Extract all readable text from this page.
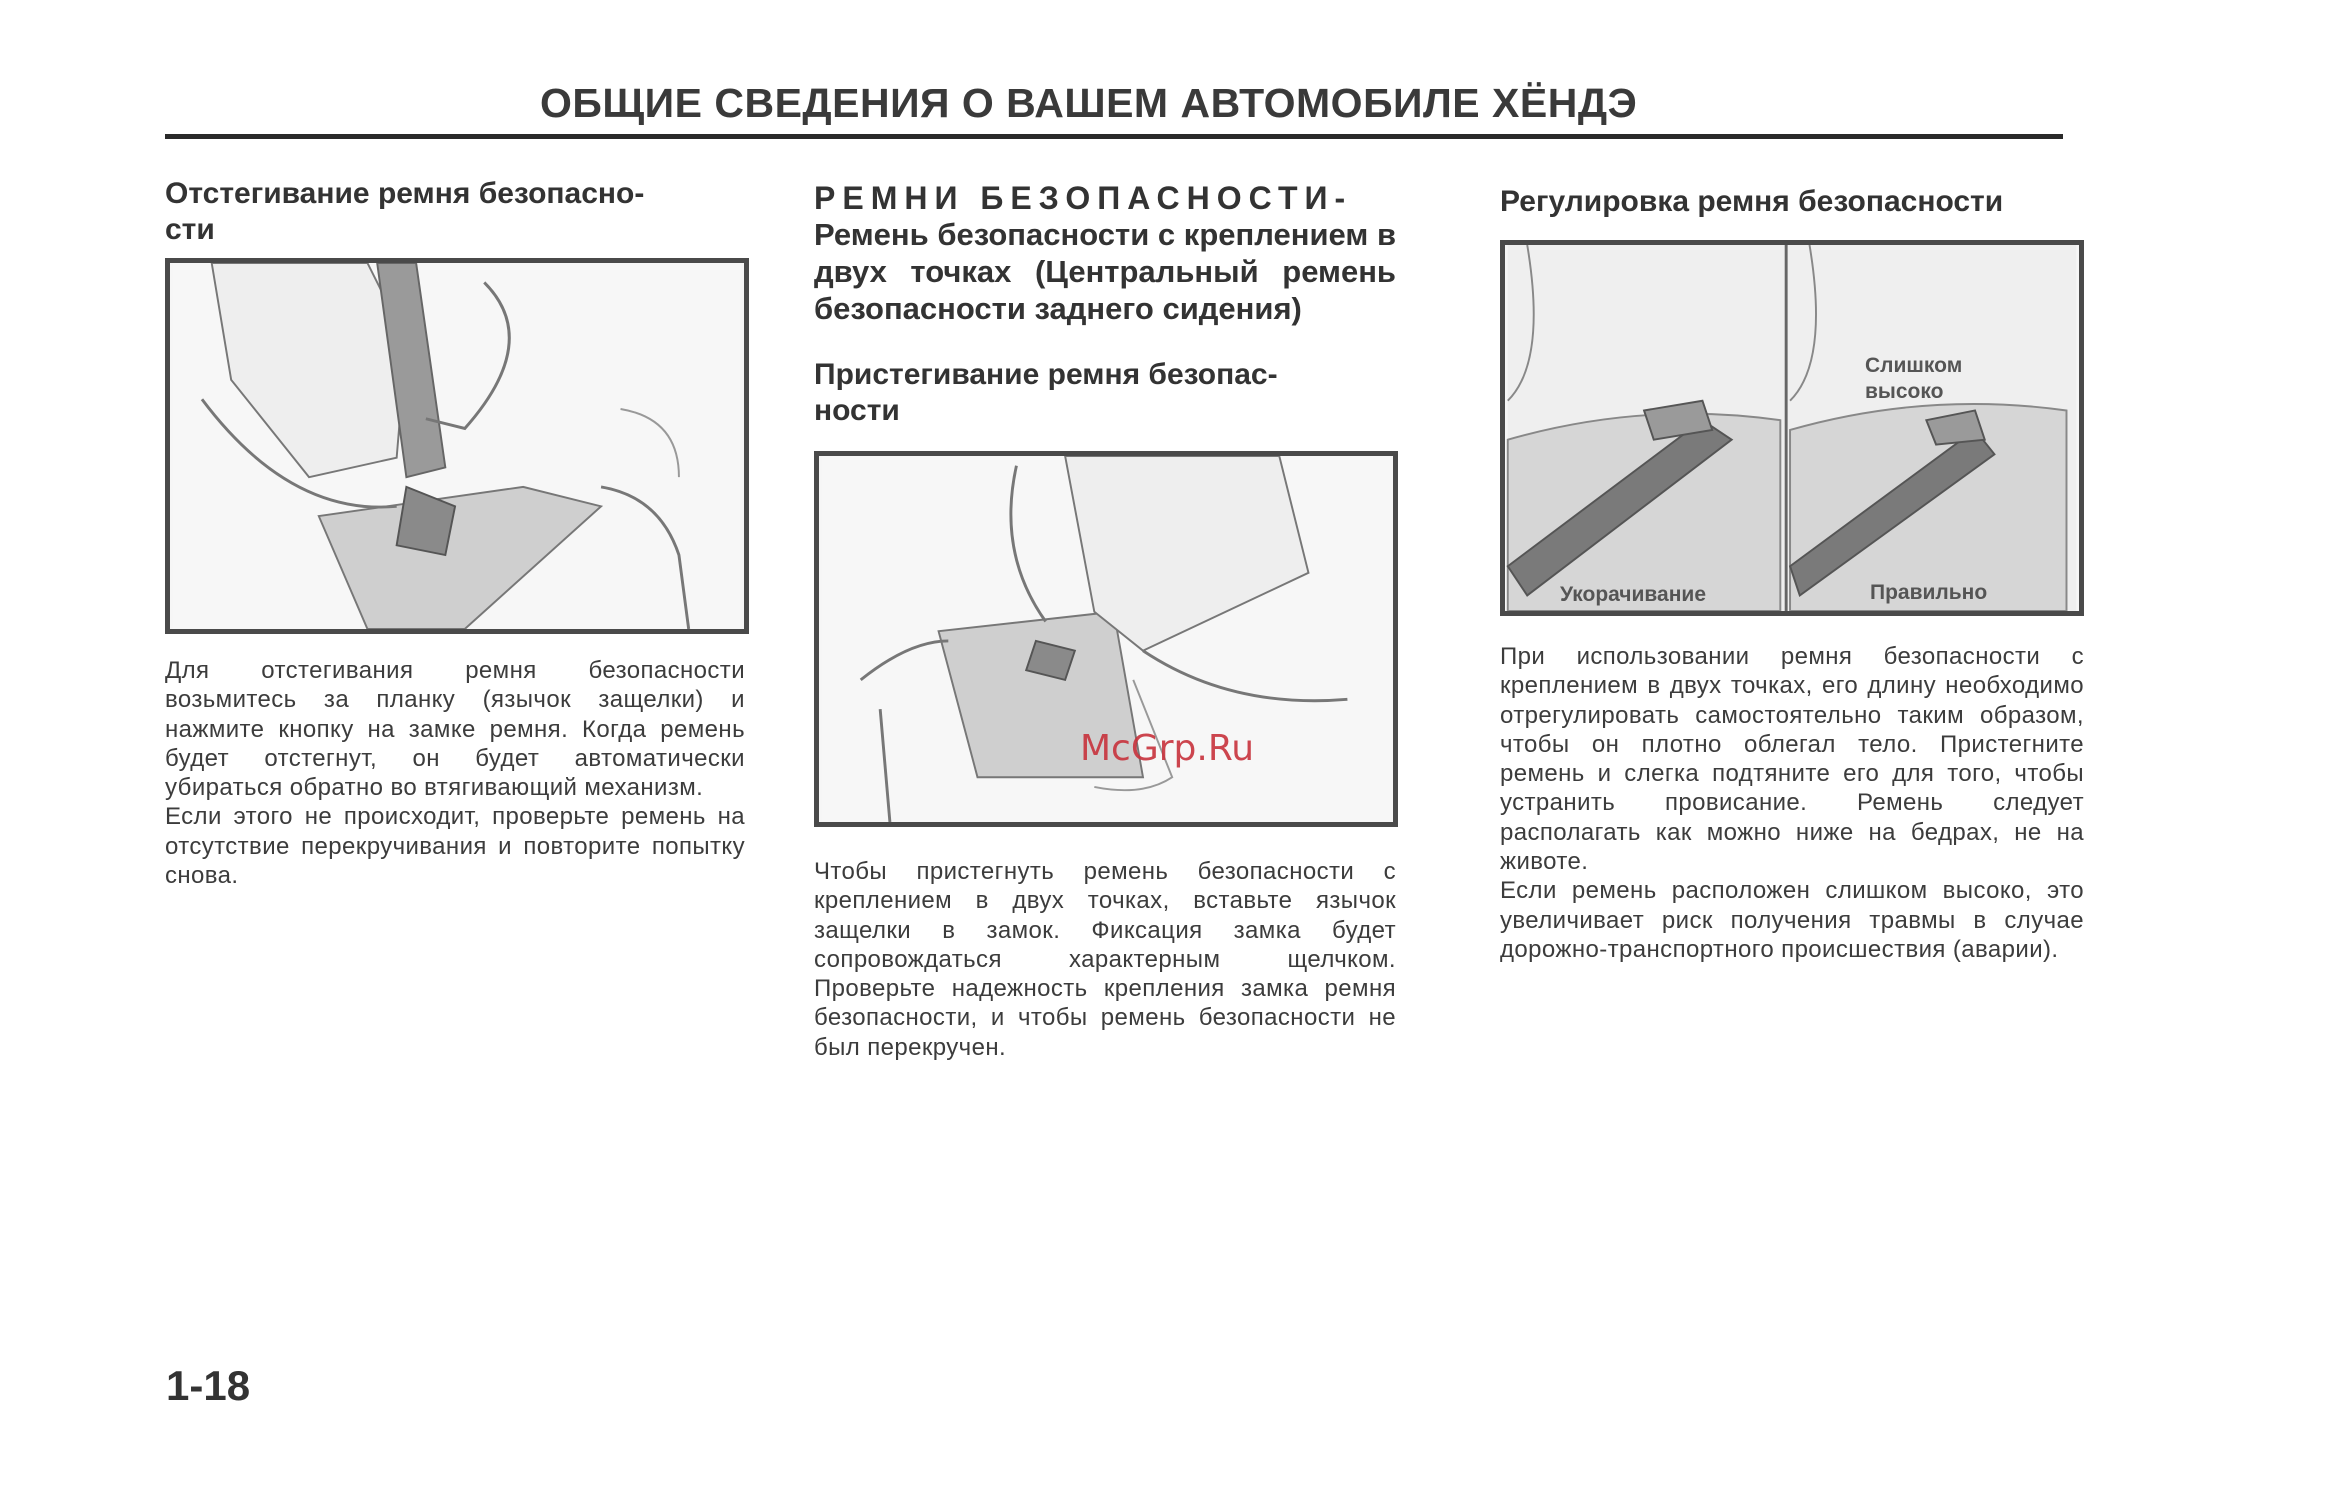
ОБЩИЕ СВЕДЕНИЯ О ВАШЕМ АВТОМОБИЛЕ ХЁНДЭ

Отстегивание ремня безопасно-
сти

Для отстегивания ремня безопасности возьмитесь за планку (язычок защелки) и нажмите кнопку на замке ремня. Когда ремень будет отстегнут, он будет автоматически убираться обратно во втягивающий механизм.

Если этого не происходит, проверьте ремень на отсутствие перекручивания и повторите попытку снова.

РЕМНИ БЕЗОПАСНОСТИ-

Ремень безопасности с креплением в двух точках (Центральный ремень безопасности заднего сидения)

Пристегивание ремня безопас-
ности

Чтобы пристегнуть ремень безопасности с креплением в двух точках, вставьте язычок защелки в замок. Фиксация замка будет сопровождаться характерным щелчком. Проверьте надежность крепления замка ремня безопасности, и чтобы ремень безопасности не был перекручен.

Регулировка ремня безопасности

Слишком
высоко
Укорачивание	Правильно

При использовании ремня безопасности с креплением в двух точках, его длину необходимо отрегулировать самостоятельно таким образом, чтобы он плотно облегал тело. Пристегните ремень и слегка подтяните его для того, чтобы устранить провисание. Ремень следует располагать как можно ниже на бедрах, не на животе.

Если ремень расположен слишком высоко, это увеличивает риск получения травмы в случае дорожно-транспортного происшествия (аварии).

McGrp.Ru
1-18
